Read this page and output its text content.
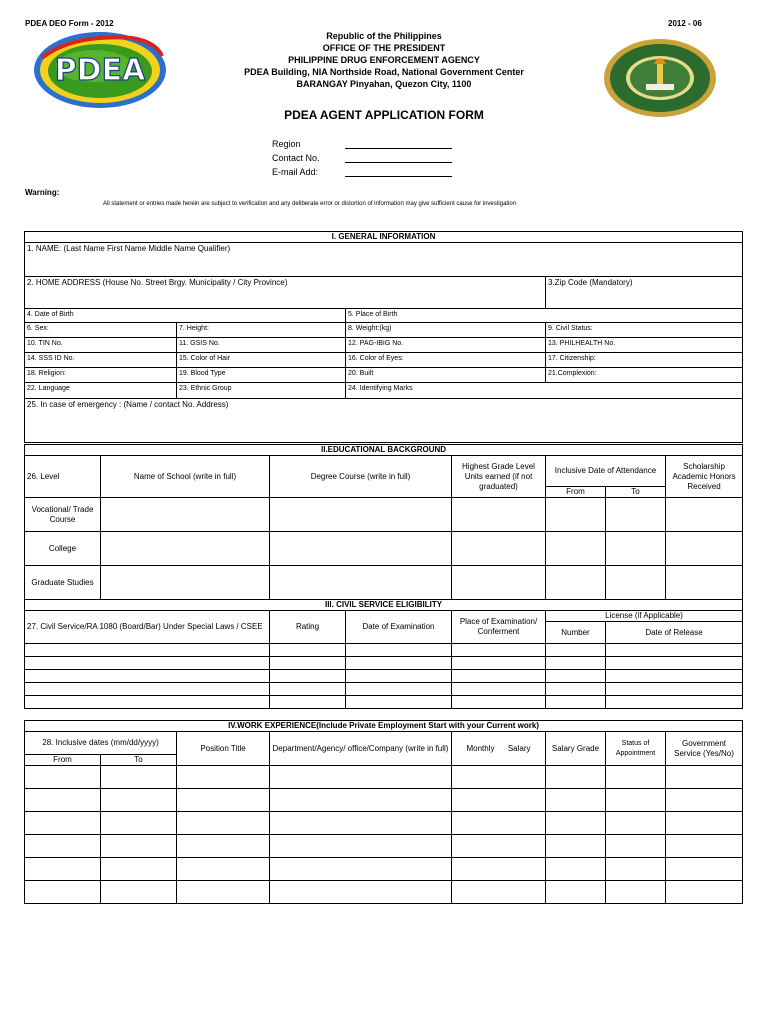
PDEA DEO Form - 2012	2012 - 06
PDEA
Republic of the Philippines
OFFICE OF THE PRESIDENT
PHILIPPINE DRUG ENFORCEMENT AGENCY
PDEA Building, NIA Northside Road, National Government Center
BARANGAY Pinyahan, Quezon City, 1100
PDEA AGENT APPLICATION FORM
Region
Contact No.
E-mail Add:
Warning:
All statement or entries made herein are subject to verification and any deliberate error or distortion of information may give sufficient cause for investigation
I. GENERAL INFORMATION			
1. NAME: (Last Name First Name Middle Name Qualifier)			
2. HOME ADDRESS (House No. Street Brgy. Municipality / City Province)			3.Zip Code (Mandatory)
4. Date of Birth		5. Place of Birth	
6. Sex:	7. Height:	8. Weight:(kg)	9. Civil Status:
10. TIN No.	11. GSIS No.	12. PAG-IBIG No.	13. PHILHEALTH No.
14. SSS ID No.	15. Color of Hair	16. Color of Eyes:	17. Citizenship:
18. Religion:	19. Blood Type	20. Built	21.Complexion:
22. Language	23. Ethnic Group	24. Identifying Marks	
25. In case of emergency : (Name / contact No. Address)			
II.EDUCATIONAL BACKGROUND						
26. Level	Name of School (write in full)	Degree Course (write in full)	Highest Grade Level Units earned (if not graduated)	Inclusive Date of Attendance		Scholarship Academic Honors Received
				From	To	
Vocational/ Trade Course						
College						
Graduate Studies						
III. CIVIL SERVICE ELIGIBILITY					
27. Civil Service/RA 1080 (Board/Bar) Under Special Laws / CSEE	Rating	Date of Examination	Place of Examination/ Conferment	License (if Applicable)	
				Number	Date of Release

IV.WORK EXPERIENCE(Include Private Employment Start with your Current work)							
28. Inclusive dates (mm/dd/yyyy)		Position Title	Department/Agency/ office/Company (write in full)	Monthly Salary	Salary Grade	Status of Appointment	Government Service (Yes/No)
From	To						
